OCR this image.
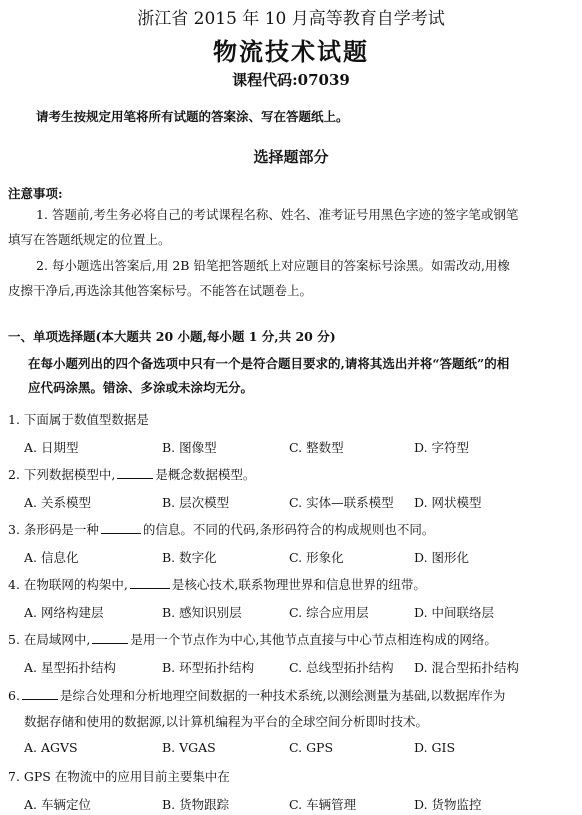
浙江省 2015 年 10 月高等教育自学考试
物流技术试题
课程代码:07039
请考生按规定用笔将所有试题的答案涂、写在答题纸上。
选择题部分
注意事项:
1. 答题前,考生务必将自己的考试课程名称、姓名、准考证号用黑色字迹的签字笔或钢笔
填写在答题纸规定的位置上。
2. 每小题选出答案后,用 2B 铅笔把答题纸上对应题目的答案标号涂黑。如需改动,用橡
皮擦干净后,再选涂其他答案标号。不能答在试题卷上。
一、单项选择题(本大题共 20 小题,每小题 1 分,共 20 分)
在每小题列出的四个备选项中只有一个是符合题目要求的,请将其选出并将“答题纸”的相
应代码涂黑。错涂、多涂或未涂均无分。
1. 下面属于数值型数据是
A. 日期型	B. 图像型	C. 整数型	D. 字符型
2. 下列数据模型中,	是概念数据模型。
A. 关系模型	B. 层次模型	C. 实体—联系模型 D. 网状模型
3. 条形码是一种	的信息。不同的代码,条形码符合的构成规则也不同。
A. 信息化	B. 数字化	C. 形象化	D. 图形化
4. 在物联网的构架中,	是核心技术,联系物理世界和信息世界的纽带。
A. 网络构建层	B. 感知识别层	C. 综合应用层	D. 中间联络层
5. 在局域网中,	是用一个节点作为中心,其他节点直接与中心节点相连构成的网络。
A. 星型拓扑结构	B. 环型拓扑结构	C. 总线型拓扑结构 D. 混合型拓扑结构
6.	是综合处理和分析地理空间数据的一种技术系统,以测绘测量为基础,以数据库作为
数据存储和使用的数据源,以计算机编程为平台的全球空间分析即时技术。
A. AGVS	B. VGAS	C. GPS	D. GIS
7. GPS 在物流中的应用目前主要集中在
A. 车辆定位	B. 货物跟踪	C. 车辆管理	D. 货物监控
